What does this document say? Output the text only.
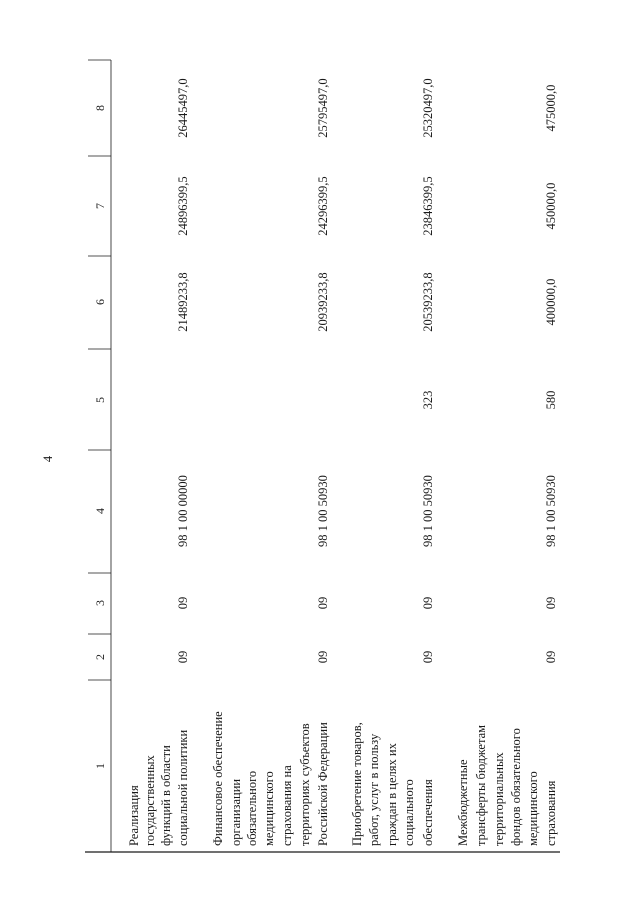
4
1
2
3
4
5
6
7
8
Реализация государственных функций в области социальной политики
09
09
98 1 00 00000
21489233,8
24896399,5
26445497,0
Финансовое обеспечение организации обязательного медицинского страхования на территориях субъектов Российской Федерации
09
09
98 1 00 50930
20939233,8
24296399,5
25795497,0
Приобретение товаров, работ, услуг в пользу граждан в целях их социального обеспечения
09
09
98 1 00 50930
323
20539233,8
23846399,5
25320497,0
Межбюджетные трансферты бюджетам территориальных фондов обязательного медицинского страхования
09
09
98 1 00 50930
580
400000,0
450000,0
475000,0
